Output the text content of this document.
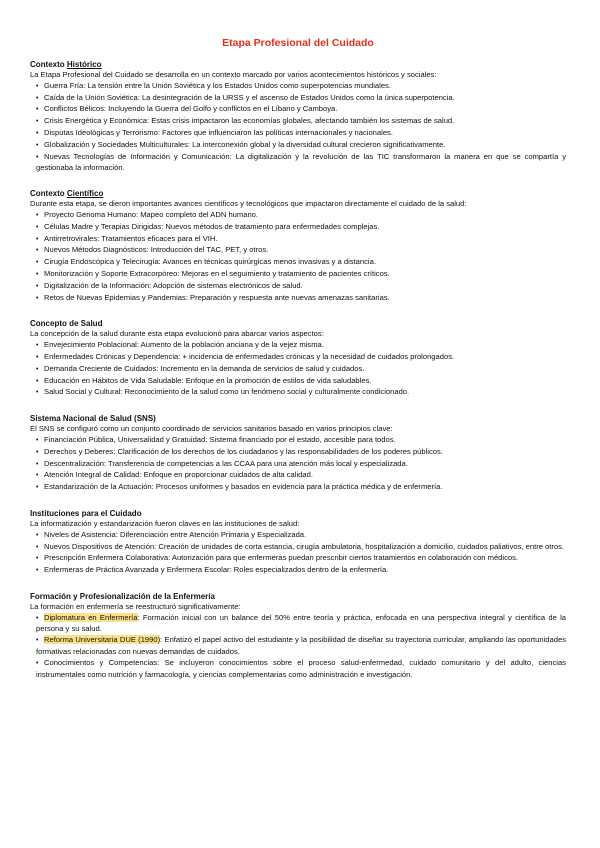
Etapa Profesional del Cuidado
Contexto Histórico

La Etapa Profesional del Cuidado se desarrolla en un contexto marcado por varios acontecimientos históricos y sociales:

• Guerra Fría: La tensión entre la Unión Soviética y los Estados Unidos como superpotencias mundiales.
• Caída de la Unión Soviética: La desintegración de la URSS y el ascenso de Estados Unidos como la única superpotencia.
• Conflictos Bélicos: Incluyendo la Guerra del Golfo y conflictos en el Líbano y Camboya.
• Crisis Energética y Económica: Estas crisis impactaron las economías globales, afectando también los sistemas de salud.
• Disputas Ideológicas y Terrorismo: Factores que influenciaron las políticas internacionales y nacionales.
• Globalización y Sociedades Multiculturales: La interconexión global y la diversidad cultural crecieron significativamente.
• Nuevas Tecnologías de Información y Comunicación: La digitalización y la revolución de las TIC transformaron la manera en que se compartía y gestionaba la información.
Contexto Científico

Durante esta etapa, se dieron importantes avances científicos y tecnológicos que impactaron directamente el cuidado de la salud:

• Proyecto Genoma Humano: Mapeo completo del ADN humano.
• Células Madre y Terapias Dirigidas: Nuevos métodos de tratamiento para enfermedades complejas.
• Antirretrovirales: Tratamientos eficaces para el VIH.
• Nuevos Métodos Diagnósticos: Introducción del TAC, PET, y otros.
• Cirugía Endoscópica y Telecirugía: Avances en técnicas quirúrgicas menos invasivas y a distancia.
• Monitorización y Soporte Extracorpóreo: Mejoras en el seguimiento y tratamiento de pacientes críticos.
• Digitalización de la Información: Adopción de sistemas electrónicos de salud.
• Retos de Nuevas Epidemias y Pandemias: Preparación y respuesta ante nuevas amenazas sanitarias.
Concepto de Salud

La concepción de la salud durante esta etapa evolucionó para abarcar varios aspectos:

• Envejecimiento Poblacional: Aumento de la población anciana y de la vejez misma.
• Enfermedades Crónicas y Dependencia: + incidencia de enfermedades crónicas y la necesidad de cuidados prolongados.
• Demanda Creciente de Cuidados: Incremento en la demanda de servicios de salud y cuidados.
• Educación en Hábitos de Vida Saludable: Enfoque en la promoción de estilos de vida saludables.
• Salud Social y Cultural: Reconocimiento de la salud como un fenómeno social y culturalmente condicionado.
Sistema Nacional de Salud (SNS)

El SNS se configuró como un conjunto coordinado de servicios sanitarios basado en varios principios clave:

• Financiación Pública, Universalidad y Gratuidad: Sistema financiado por el estado, accesible para todos.
• Derechos y Deberes: Clarificación de los derechos de los ciudadanos y las responsabilidades de los poderes públicos.
• Descentralización: Transferencia de competencias a las CCAA para una atención más local y especializada.
• Atención Integral de Calidad: Enfoque en proporcionar cuidados de alta calidad.
• Estandarización de la Actuación: Procesos uniformes y basados en evidencia para la práctica médica y de enfermería.
Instituciones para el Cuidado

La informatización y estandarización fueron claves en las instituciones de salud:

• Niveles de Asistencia: Diferenciación entre Atención Primaria y Especializada.
• Nuevos Dispositivos de Atención: Creación de unidades de corta estancia, cirugía ambulatoria, hospitalización a domicilio, cuidados paliativos, entre otros.
• Prescripción Enfermera Colaborativa: Autorización para que enfermeras puedan prescribir ciertos tratamientos en colaboración con médicos.
• Enfermeras de Práctica Avanzada y Enfermera Escolar: Roles especializados dentro de la enfermería.
Formación y Profesionalización de la Enfermería

La formación en enfermería se reestructuró significativamente:

• Diplomatura en Enfermería: Formación inicial con un balance del 50% entre teoría y práctica, enfocada en una perspectiva integral y científica de la persona y su salud.
• Reforma Universitaria DUE (1990): Enfatizó el papel activo del estudiante y la posibilidad de diseñar su trayectoria curricular, ampliando las oportunidades formativas relacionadas con nuevas demandas de cuidados.
• Conocimientos y Competencias: Se incluyeron conocimientos sobre el proceso salud-enfermedad, cuidado comunitario y del adulto, ciencias instrumentales como nutrición y farmacología, y ciencias complementarias como administración e investigación.
